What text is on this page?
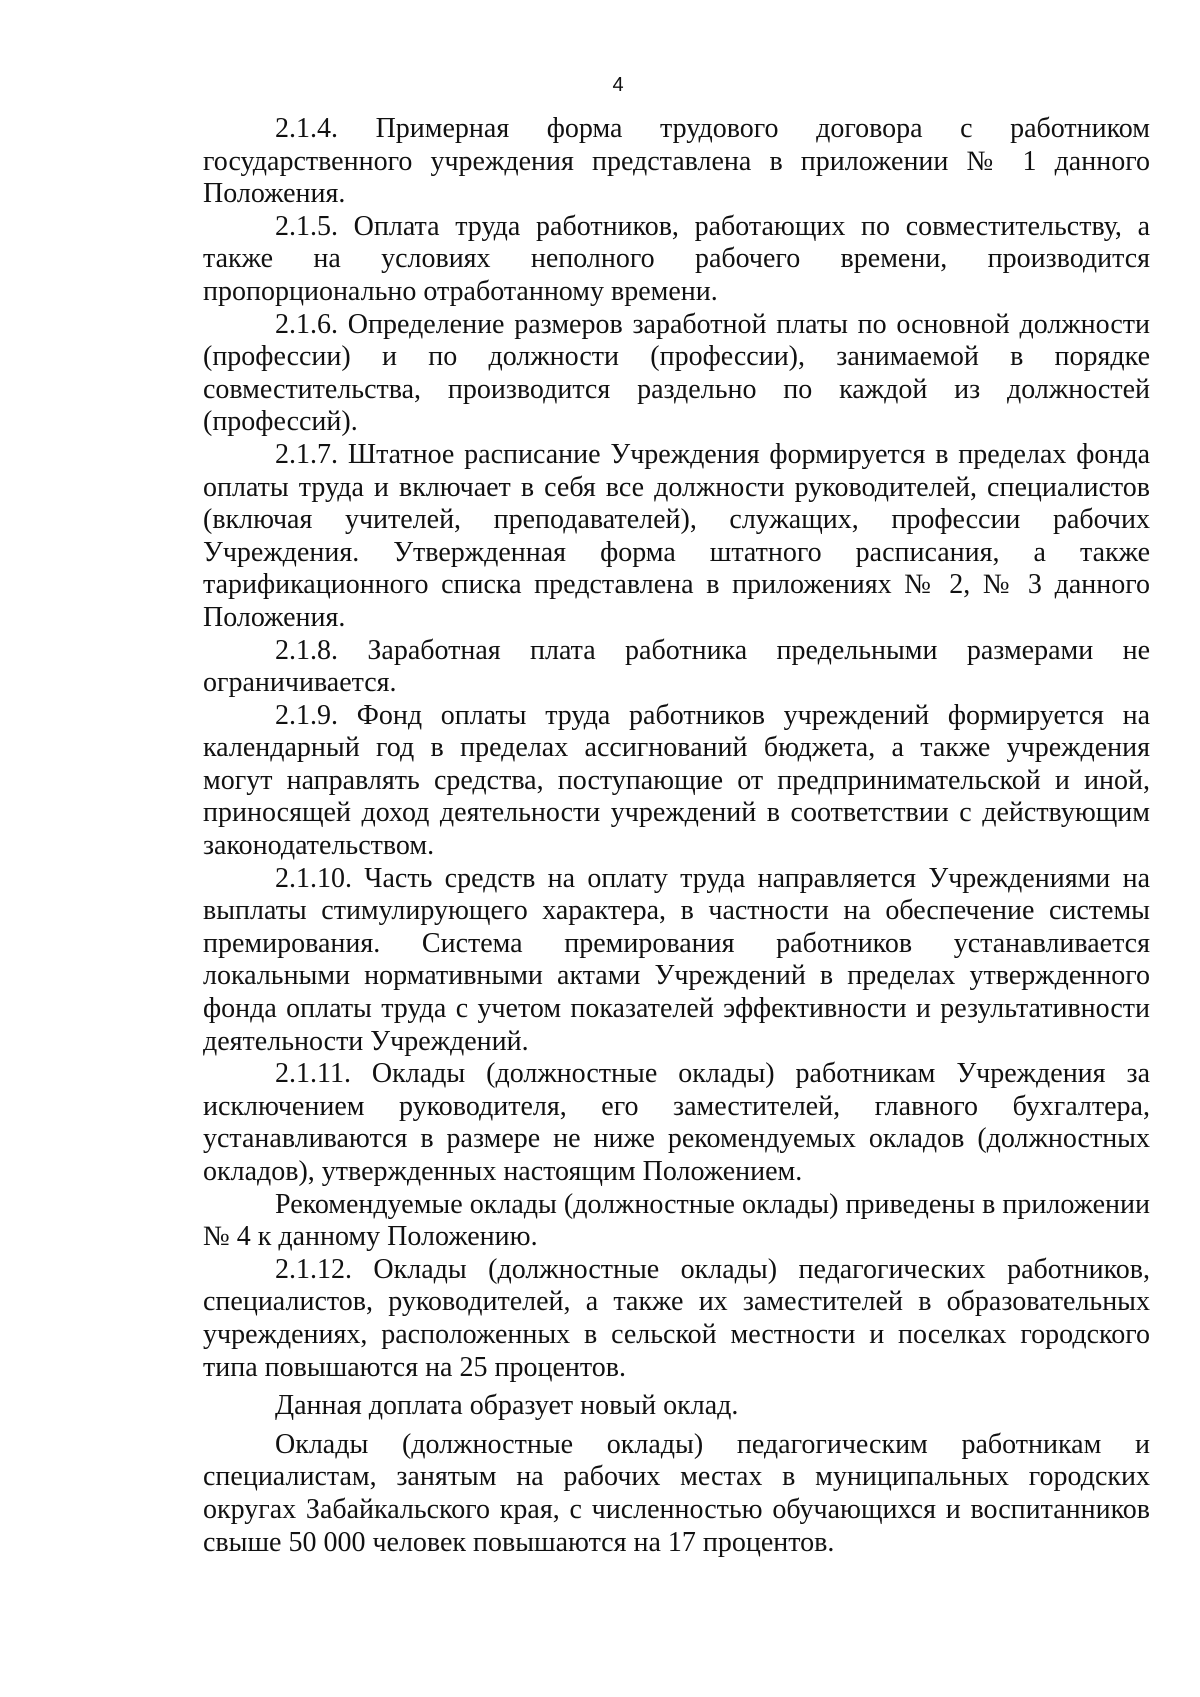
4

2.1.4. Примерная форма трудового договора с работником государственного учреждения представлена в приложении № 1 данного Положения.

2.1.5. Оплата труда работников, работающих по совместительству, а также на условиях неполного рабочего времени, производится пропорционально отработанному времени.

2.1.6. Определение размеров заработной платы по основной должности (профессии) и по должности (профессии), занимаемой в порядке совместительства, производится раздельно по каждой из должностей (профессий).

2.1.7. Штатное расписание Учреждения формируется в пределах фонда оплаты труда и включает в себя все должности руководителей, специалистов (включая учителей, преподавателей), служащих, профессии рабочих Учреждения. Утвержденная форма штатного расписания, а также тарификационного списка представлена в приложениях № 2, № 3 данного Положения.

2.1.8. Заработная плата работника предельными размерами не ограничивается.

2.1.9. Фонд оплаты труда работников учреждений формируется на календарный год в пределах ассигнований бюджета, а также учреждения могут направлять средства, поступающие от предпринимательской и иной, приносящей доход деятельности учреждений в соответствии с действующим законодательством.

2.1.10. Часть средств на оплату труда направляется Учреждениями на выплаты стимулирующего характера, в частности на обеспечение системы премирования. Система премирования работников устанавливается локальными нормативными актами Учреждений в пределах утвержденного фонда оплаты труда с учетом показателей эффективности и результативности деятельности Учреждений.

2.1.11. Оклады (должностные оклады) работникам Учреждения за исключением руководителя, его заместителей, главного бухгалтера, устанавливаются в размере не ниже рекомендуемых окладов (должностных окладов), утвержденных настоящим Положением.

Рекомендуемые оклады (должностные оклады) приведены в приложении № 4 к данному Положению.

2.1.12. Оклады (должностные оклады) педагогических работников, специалистов, руководителей, а также их заместителей в образовательных учреждениях, расположенных в сельской местности и поселках городского типа повышаются на 25 процентов.

Данная доплата образует новый оклад.

Оклады (должностные оклады) педагогическим работникам и специалистам, занятым на рабочих местах в муниципальных городских округах Забайкальского края, с численностью обучающихся и воспитанников свыше 50 000 человек повышаются на 17 процентов.
